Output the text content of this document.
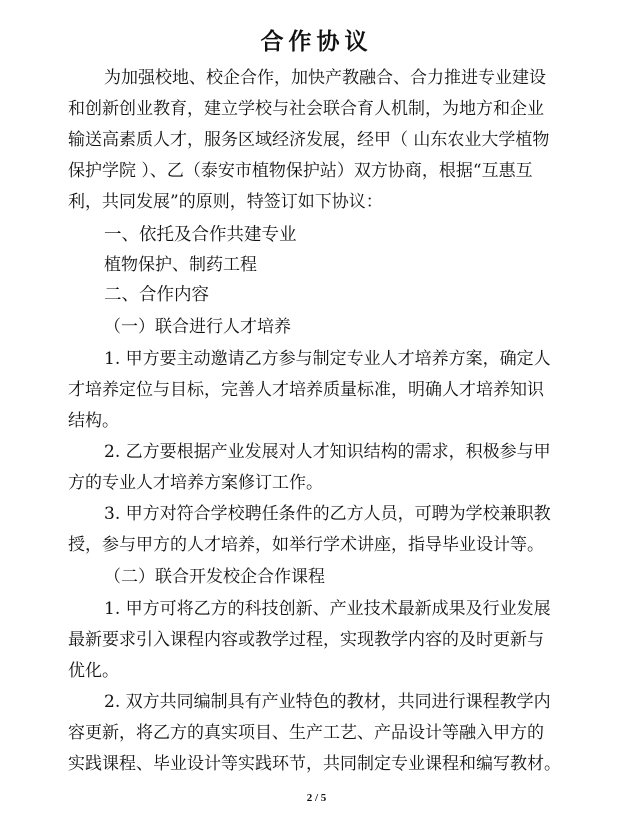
合作协议
为加强校地、校企合作，加快产教融合、合力推进专业建设
和创新创业教育，建立学校与社会联合育人机制，为地方和企业
输送高素质人才，服务区域经济发展，经甲（ 山东农业大学植物
保护学院 ）、乙（泰安市植物保护站）双方协商，根据“互惠互
利，共同发展”的原则，特签订如下协议：
一、依托及合作共建专业
植物保护、制药工程
二、合作内容
（一）联合进行人才培养
1. 甲方要主动邀请乙方参与制定专业人才培养方案，确定人
才培养定位与目标，完善人才培养质量标准，明确人才培养知识
结构。
2. 乙方要根据产业发展对人才知识结构的需求，积极参与甲
方的专业人才培养方案修订工作。
3. 甲方对符合学校聘任条件的乙方人员，可聘为学校兼职教
授，参与甲方的人才培养，如举行学术讲座，指导毕业设计等。
（二）联合开发校企合作课程
1. 甲方可将乙方的科技创新、产业技术最新成果及行业发展
最新要求引入课程内容或教学过程，实现教学内容的及时更新与
优化。
2. 双方共同编制具有产业特色的教材，共同进行课程教学内
容更新，将乙方的真实项目、生产工艺、产品设计等融入甲方的
实践课程、毕业设计等实践环节，共同制定专业课程和编写教材。
2 / 5
